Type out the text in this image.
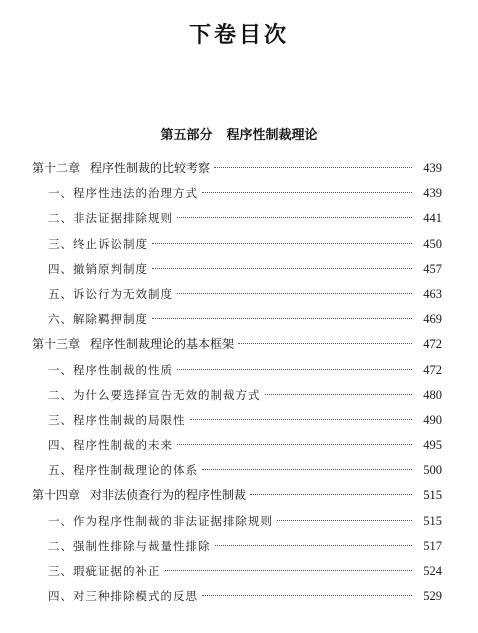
下卷目次
第五部分 程序性制裁理论
第十二章 程序性制裁的比较考察	439
一、程序性违法的治理方式	439
二、非法证据排除规则	441
三、终止诉讼制度	450
四、撤销原判制度	457
五、诉讼行为无效制度	463
六、解除羁押制度	469
第十三章 程序性制裁理论的基本框架	472
一、程序性制裁的性质	472
二、为什么要选择宣告无效的制裁方式	480
三、程序性制裁的局限性	490
四、程序性制裁的未来	495
五、程序性制裁理论的体系	500
第十四章 对非法侦查行为的程序性制裁	515
一、作为程序性制裁的非法证据排除规则	515
二、强制性排除与裁量性排除	517
三、瑕疵证据的补正	524
四、对三种排除模式的反思	529
